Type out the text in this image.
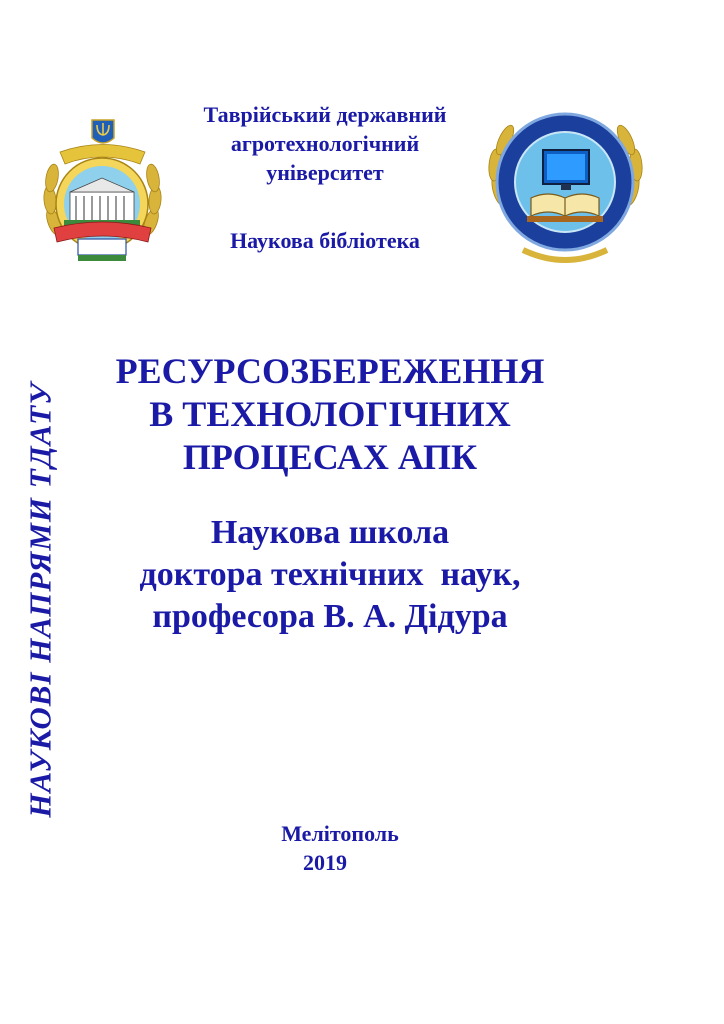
Таврійський державний
агротехнологічний
університет
Наукова бібліотека
НАУКОВІ НАПРЯМИ ТДАТУ
РЕСУРСОЗБЕРЕЖЕННЯ
В ТЕХНОЛОГІЧНИХ
ПРОЦЕСАХ АПК
Наукова школа
доктора технічних  наук,
професора В. А. Дідура
Мелітополь
2019
